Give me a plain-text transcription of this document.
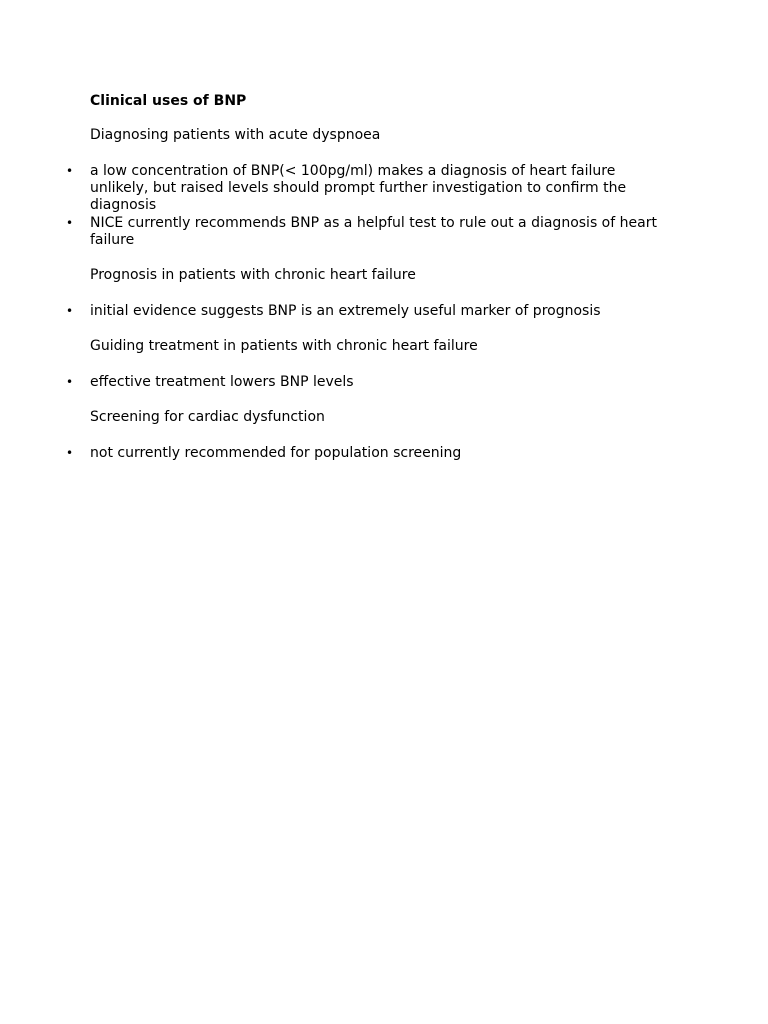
Clinical uses of BNP

Diagnosing patients with acute dyspnoea

• a low concentration of BNP(< 100pg/ml) makes a diagnosis of heart failure
unlikely, but raised levels should prompt further investigation to confirm the
diagnosis
• NICE currently recommends BNP as a helpful test to rule out a diagnosis of heart
failure

Prognosis in patients with chronic heart failure

• initial evidence suggests BNP is an extremely useful marker of prognosis

Guiding treatment in patients with chronic heart failure

• effective treatment lowers BNP levels

Screening for cardiac dysfunction

• not currently recommended for population screening
